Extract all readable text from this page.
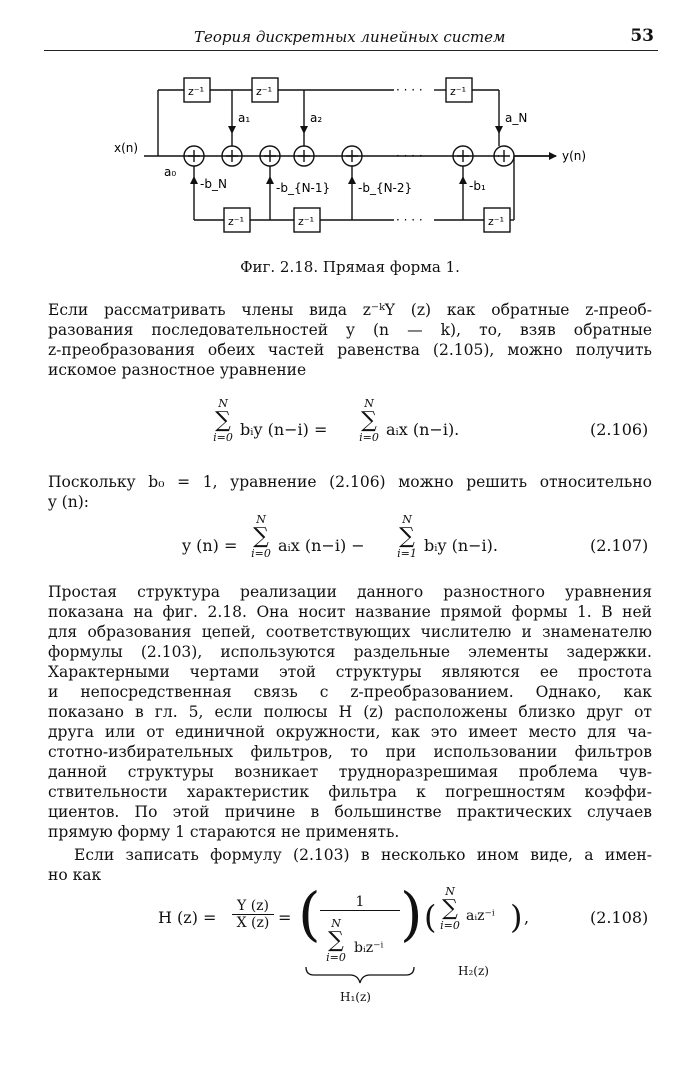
Теория дискретных линейных систем	53
x(n)
y(n)
z⁻¹	z⁻¹	z⁻¹
z⁻¹	z⁻¹	z⁻¹
· · · ·
· · · ·
· · · ·
a₀
a₁	a₂	a_N
-b_N	-b_{N-1} -b_{N-2}	-b₁
Фиг. 2.18. Прямая форма 1.
Если рассматривать члены вида z⁻ᵏY (z) как обратные z-преоб-
разования последовательностей y (n — k), то, взяв обратные
z-преобразования обеих частей равенства (2.105), можно получить
искомое разностное уравнение
N
∑
i=0 bᵢy (n−i) =
N
∑
i=0 aᵢx (n−i).	(2.106)
Поскольку b₀ = 1, уравнение (2.106) можно решить относительно
y (n):
y (n) =
N
∑
i=0 aᵢx (n−i) −
N
∑
i=1 bᵢy (n−i).	(2.107)
Простая структура реализации данного разностного уравнения
показана на фиг. 2.18. Она носит название прямой формы 1. В ней
для образования цепей, соответствующих числителю и знаменателю
формулы (2.103), используются раздельные элементы задержки.
Характерными чертами этой структуры являются ее простота
и непосредственная связь с z-преобразованием. Однако, как
показано в гл. 5, если полюсы H (z) расположены близко друг от
друга или от единичной окружности, как это имеет место для ча-
стотно-избирательных фильтров, то при использовании фильтров
данной структуры возникает трудноразрешимая проблема чув-
ствительности характеристик фильтра к погрешностям коэффи-
циентов. По этой причине в большинстве практических случаев
прямую форму 1 стараются не применять.
Если записать формулу (2.103) в несколько ином виде, а имен-
но как
H (z) =
Y (z)
X (z) = (	1
N
∑
i=0
bᵢz⁻ⁱ ) (
N
∑
i=0
aᵢz⁻ⁱ ) ,
H₁(z)
H₂(z)
(2.108)
